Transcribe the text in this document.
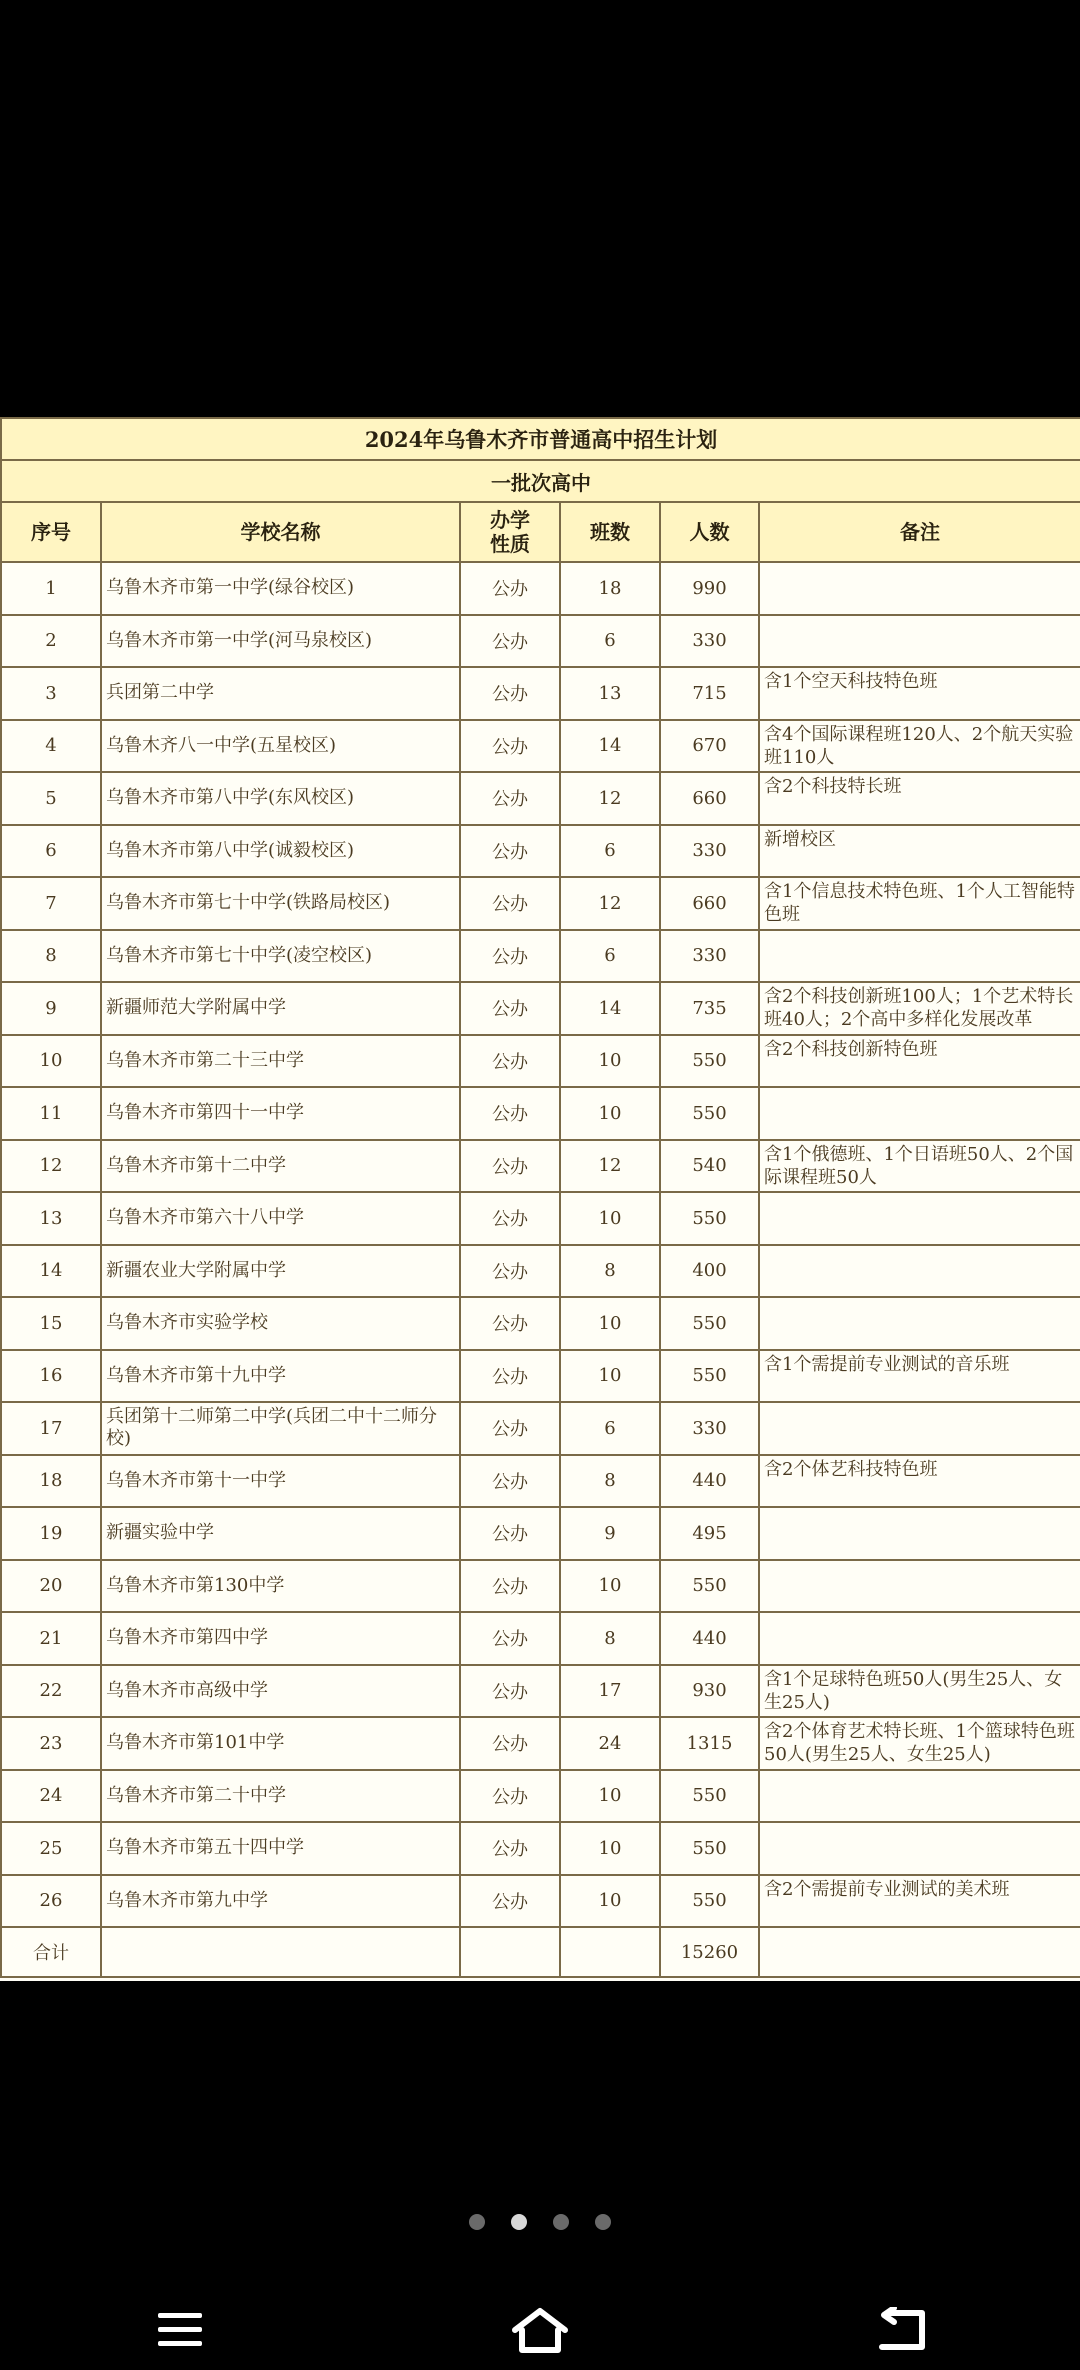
2024年乌鲁木齐市普通高中招生计划					
一批次高中					
序号	学校名称	办学性质	班数	人数	备注
1	乌鲁木齐市第一中学(绿谷校区)	公办	18	990	
2	乌鲁木齐市第一中学(河马泉校区)	公办	6	330	
3	兵团第二中学	公办	13	715	含1个空天科技特色班
4	乌鲁木齐八一中学(五星校区)	公办	14	670	含4个国际课程班120人、2个航天实验班110人
5	乌鲁木齐市第八中学(东风校区)	公办	12	660	含2个科技特长班
6	乌鲁木齐市第八中学(诚毅校区)	公办	6	330	新增校区
7	乌鲁木齐市第七十中学(铁路局校区)	公办	12	660	含1个信息技术特色班、1个人工智能特色班
8	乌鲁木齐市第七十中学(凌空校区)	公办	6	330	
9	新疆师范大学附属中学	公办	14	735	含2个科技创新班100人；1个艺术特长班40人；2个高中多样化发展改革
10	乌鲁木齐市第二十三中学	公办	10	550	含2个科技创新特色班
11	乌鲁木齐市第四十一中学	公办	10	550	
12	乌鲁木齐市第十二中学	公办	12	540	含1个俄德班、1个日语班50人、2个国际课程班50人
13	乌鲁木齐市第六十八中学	公办	10	550	
14	新疆农业大学附属中学	公办	8	400	
15	乌鲁木齐市实验学校	公办	10	550	
16	乌鲁木齐市第十九中学	公办	10	550	含1个需提前专业测试的音乐班
17	兵团第十二师第二中学(兵团二中十二师分校)	公办	6	330	
18	乌鲁木齐市第十一中学	公办	8	440	含2个体艺科技特色班
19	新疆实验中学	公办	9	495	
20	乌鲁木齐市第130中学	公办	10	550	
21	乌鲁木齐市第四中学	公办	8	440	
22	乌鲁木齐市高级中学	公办	17	930	含1个足球特色班50人(男生25人、女生25人)
23	乌鲁木齐市第101中学	公办	24	1315	含2个体育艺术特长班、1个篮球特色班50人(男生25人、女生25人)
24	乌鲁木齐市第二十中学	公办	10	550	
25	乌鲁木齐市第五十四中学	公办	10	550	
26	乌鲁木齐市第九中学	公办	10	550	含2个需提前专业测试的美术班
合计				15260	
